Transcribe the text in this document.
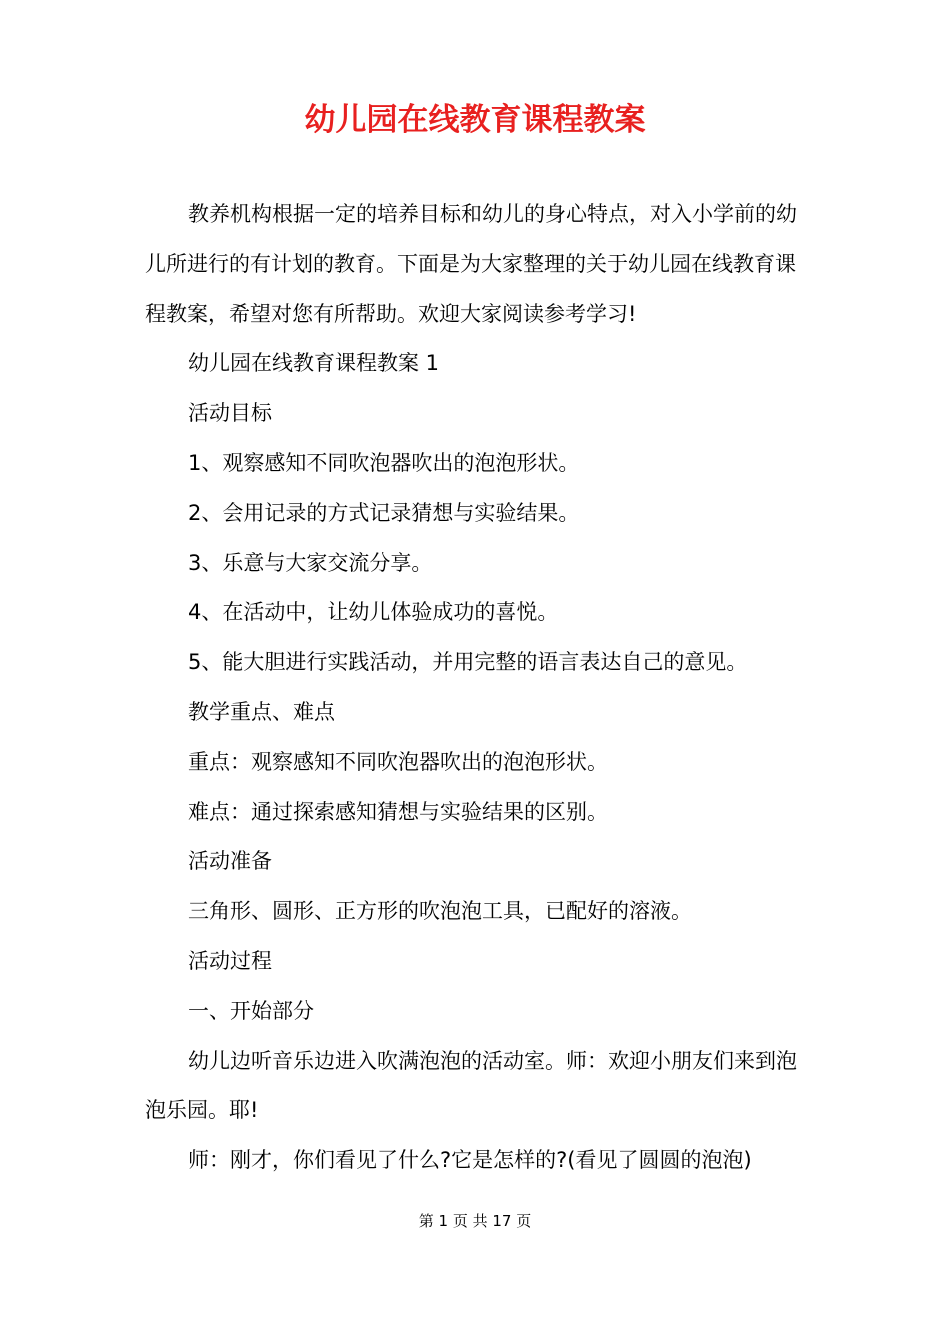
幼儿园在线教育课程教案

教养机构根据一定的培养目标和幼儿的身心特点，对入小学前的幼儿所进行的有计划的教育。下面是为大家整理的关于幼儿园在线教育课程教案，希望对您有所帮助。欢迎大家阅读参考学习!

幼儿园在线教育课程教案 1

活动目标

1、观察感知不同吹泡器吹出的泡泡形状。

2、会用记录的方式记录猜想与实验结果。

3、乐意与大家交流分享。

4、在活动中，让幼儿体验成功的喜悦。

5、能大胆进行实践活动，并用完整的语言表达自己的意见。

教学重点、难点

重点：观察感知不同吹泡器吹出的泡泡形状。

难点：通过探索感知猜想与实验结果的区别。

活动准备

三角形、圆形、正方形的吹泡泡工具，已配好的溶液。

活动过程

一、开始部分

幼儿边听音乐边进入吹满泡泡的活动室。师：欢迎小朋友们来到泡泡乐园。耶!

师：刚才，你们看见了什么?它是怎样的?(看见了圆圆的泡泡)

第 1 页 共 17 页
